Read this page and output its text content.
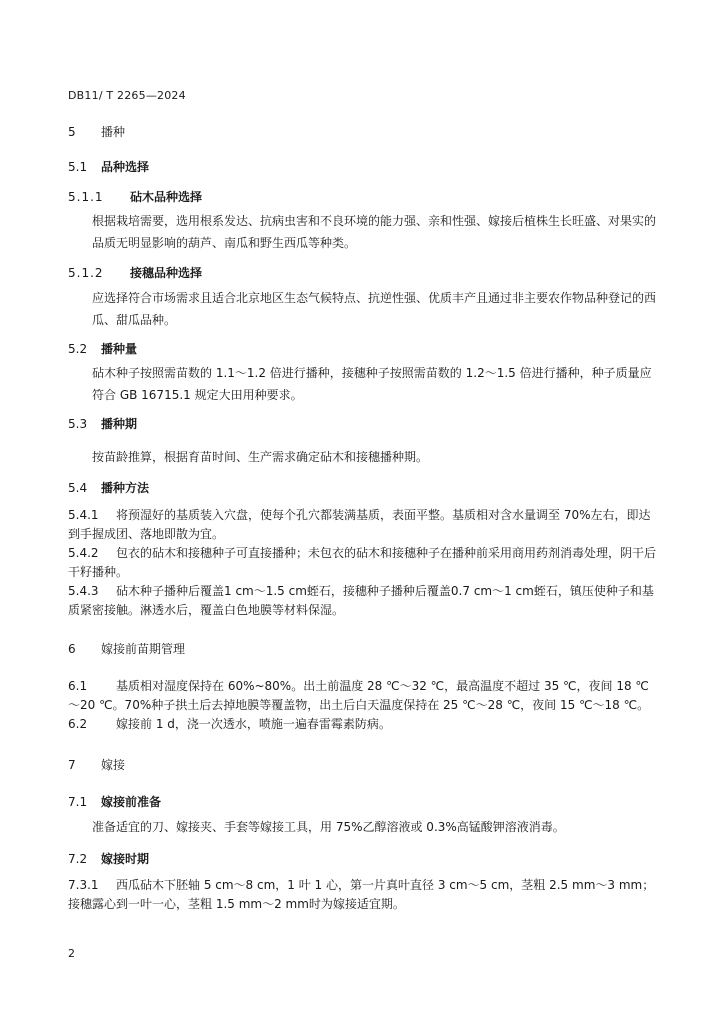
DB11/ T 2265—2024
5 播种
5.1 品种选择
5.1.1 砧木品种选择
根据栽培需要，选用根系发达、抗病虫害和不良环境的能力强、亲和性强、嫁接后植株生长旺盛、对果实的品质无明显影响的葫芦、南瓜和野生西瓜等种类。
5.1.2 接穗品种选择
应选择符合市场需求且适合北京地区生态气候特点、抗逆性强、优质丰产且通过非主要农作物品种登记的西瓜、甜瓜品种。
5.2 播种量
砧木种子按照需苗数的 1.1～1.2 倍进行播种，接穗种子按照需苗数的 1.2～1.5 倍进行播种，种子质量应符合 GB 16715.1 规定大田用种要求。
5.3 播种期
按苗龄推算，根据育苗时间、生产需求确定砧木和接穗播种期。
5.4 播种方法
5.4.1 将预湿好的基质装入穴盘，使每个孔穴都装满基质，表面平整。基质相对含水量调至 70%左右，即达到手握成团、落地即散为宜。
5.4.2 包衣的砧木和接穗种子可直接播种；未包衣的砧木和接穗种子在播种前采用商用药剂消毒处理，阴干后干籽播种。
5.4.3 砧木种子播种后覆盖1 cm～1.5 cm蛭石，接穗种子播种后覆盖0.7 cm～1 cm蛭石，镇压使种子和基质紧密接触。淋透水后，覆盖白色地膜等材料保湿。
6 嫁接前苗期管理
6.1 基质相对湿度保持在 60%~80%。出土前温度 28 ℃～32 ℃，最高温度不超过 35 ℃，夜间 18 ℃～20 ℃。70%种子拱土后去掉地膜等覆盖物，出土后白天温度保持在 25 ℃～28 ℃，夜间 15 ℃～18 ℃。
6.2 嫁接前 1 d，浇一次透水，喷施一遍春雷霉素防病。
7 嫁接
7.1 嫁接前准备
准备适宜的刀、嫁接夹、手套等嫁接工具，用 75%乙醇溶液或 0.3%高锰酸钾溶液消毒。
7.2 嫁接时期
7.3.1 西瓜砧木下胚轴 5 cm～8 cm，1 叶 1 心，第一片真叶直径 3 cm～5 cm，茎粗 2.5 mm～3 mm；接穗露心到一叶一心，茎粗 1.5 mm～2 mm时为嫁接适宜期。
2
